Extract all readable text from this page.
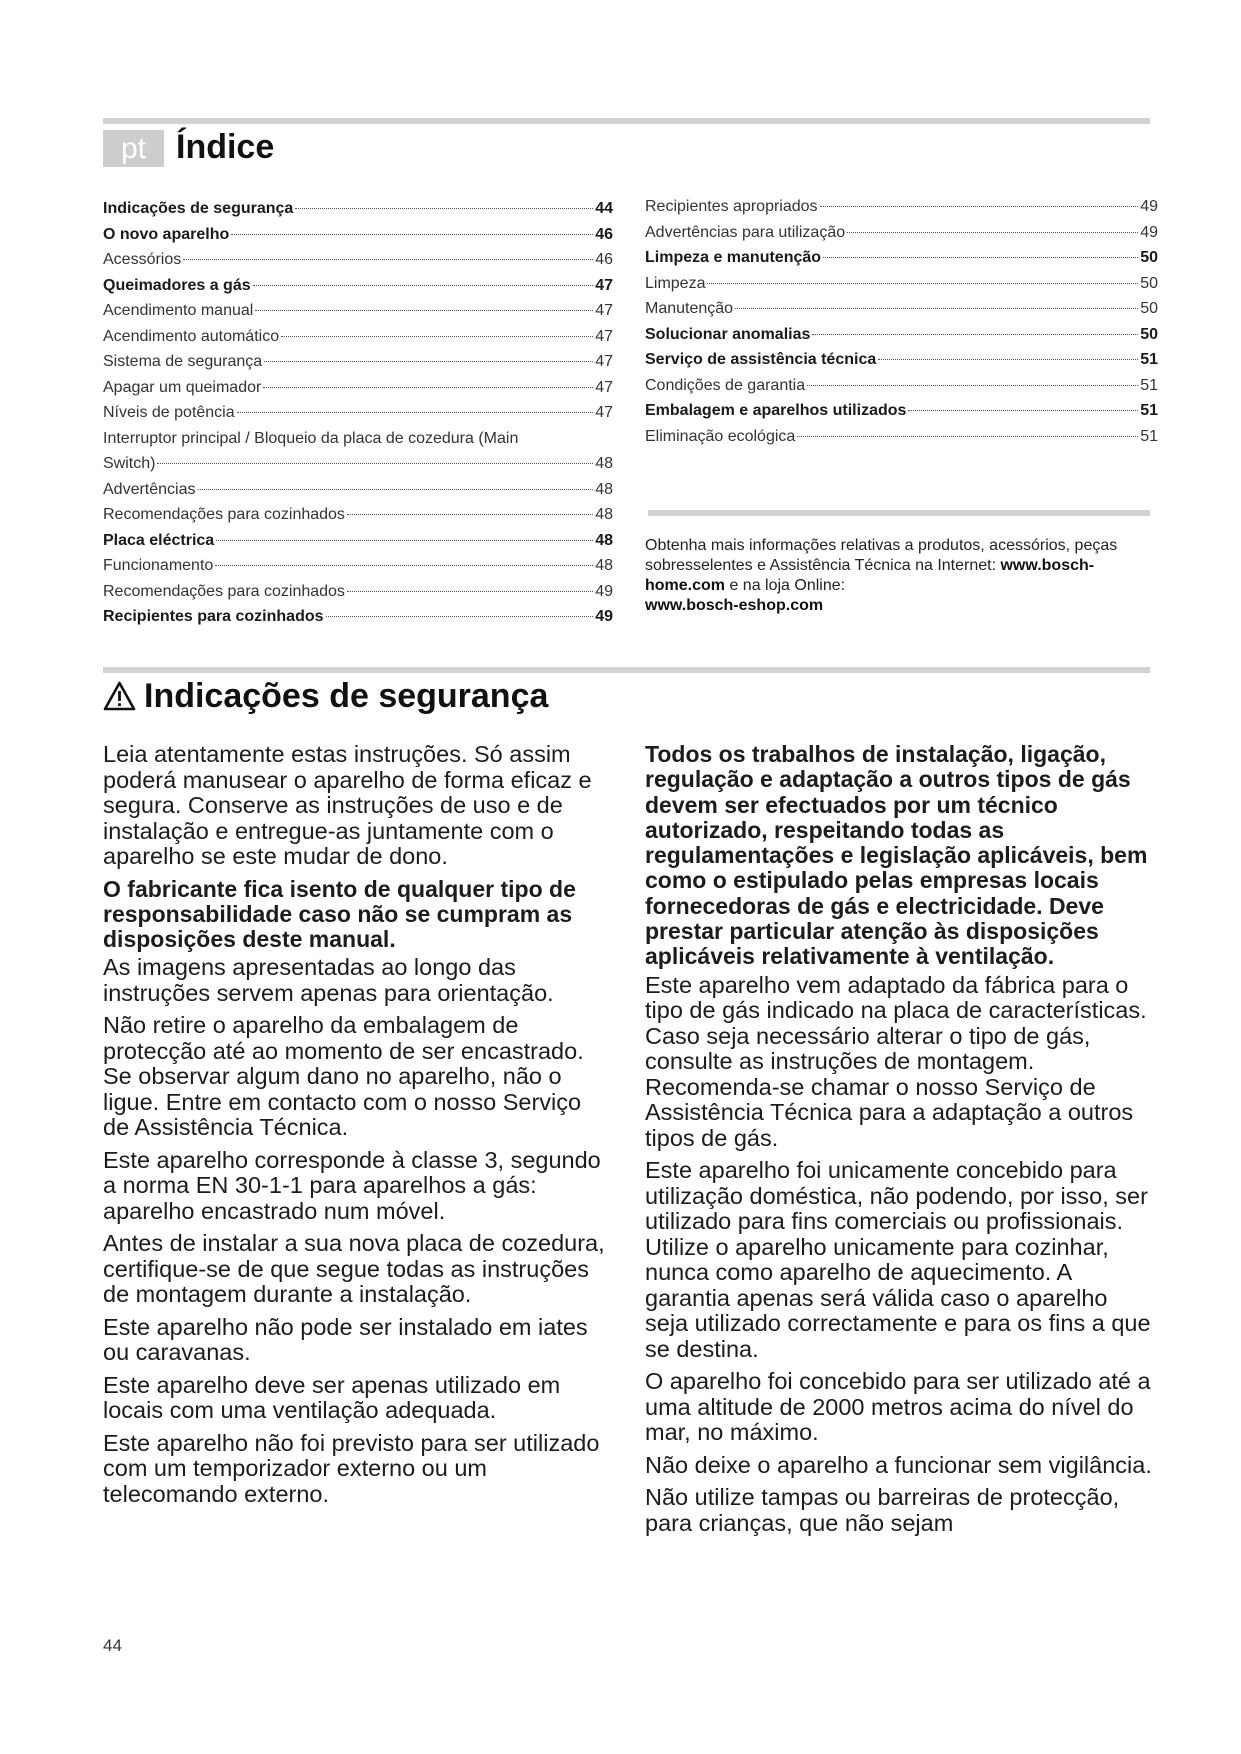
pt Índice
Indicações de segurança	44
O novo aparelho	46
Acessórios	46
Queimadores a gás	47
Acendimento manual	47
Acendimento automático	47
Sistema de segurança	47
Apagar um queimador	47
Níveis de potência	47
Interruptor principal / Bloqueio da placa de cozedura (Main
Switch)	48
Advertências	48
Recomendações para cozinhados	48
Placa eléctrica	48
Funcionamento	48
Recomendações para cozinhados	49
Recipientes para cozinhados	49
Recipientes apropriados	49
Advertências para utilização	49
Limpeza e manutenção	50
Limpeza	50
Manutenção	50
Solucionar anomalias	50
Serviço de assistência técnica	51
Condições de garantia	51
Embalagem e aparelhos utilizados	51
Eliminação ecológica	51
Obtenha mais informações relativas a produtos, acessórios, peças sobresselentes e Assistência Técnica na Internet: www.bosch-home.com e na loja Online:
www.bosch-eshop.com
Indicações de segurança

Leia atentamente estas instruções. Só assim poderá manusear o aparelho de forma eficaz e segura. Conserve as instruções de uso e de instalação e entregue-as juntamente com o aparelho se este mudar de dono.

O fabricante fica isento de qualquer tipo de responsabilidade caso não se cumpram as disposições deste manual.

As imagens apresentadas ao longo das instruções servem apenas para orientação.

Não retire o aparelho da embalagem de protecção até ao momento de ser encastrado. Se observar algum dano no aparelho, não o ligue. Entre em contacto com o nosso Serviço de Assistência Técnica.

Este aparelho corresponde à classe 3, segundo a norma EN 30-1-1 para aparelhos a gás: aparelho encastrado num móvel.

Antes de instalar a sua nova placa de cozedura, certifique-se de que segue todas as instruções de montagem durante a instalação.

Este aparelho não pode ser instalado em iates ou caravanas.

Este aparelho deve ser apenas utilizado em locais com uma ventilação adequada.

Este aparelho não foi previsto para ser utilizado com um temporizador externo ou um telecomando externo.

Todos os trabalhos de instalação, ligação, regulação e adaptação a outros tipos de gás devem ser efectuados por um técnico autorizado, respeitando todas as regulamentações e legislação aplicáveis, bem como o estipulado pelas empresas locais fornecedoras de gás e electricidade. Deve prestar particular atenção às disposições aplicáveis relativamente à ventilação.

Este aparelho vem adaptado da fábrica para o tipo de gás indicado na placa de características. Caso seja necessário alterar o tipo de gás, consulte as instruções de montagem. Recomenda-se chamar o nosso Serviço de Assistência Técnica para a adaptação a outros tipos de gás.

Este aparelho foi unicamente concebido para utilização doméstica, não podendo, por isso, ser utilizado para fins comerciais ou profissionais. Utilize o aparelho unicamente para cozinhar, nunca como aparelho de aquecimento. A garantia apenas será válida caso o aparelho seja utilizado correctamente e para os fins a que se destina.

O aparelho foi concebido para ser utilizado até a uma altitude de 2000 metros acima do nível do mar, no máximo.

Não deixe o aparelho a funcionar sem vigilância.

Não utilize tampas ou barreiras de protecção, para crianças, que não sejam

44
